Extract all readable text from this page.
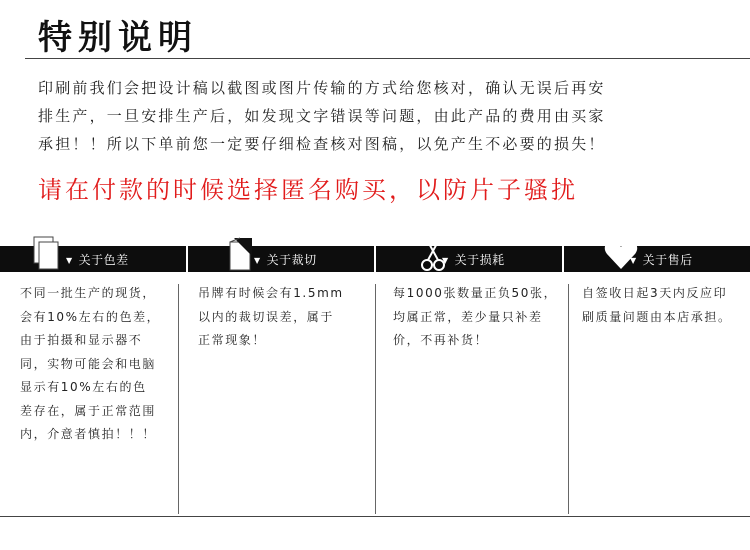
特别说明
印刷前我们会把设计稿以截图或图片传输的方式给您核对，确认无误后再安
排生产，一旦安排生产后，如发现文字错误等问题，由此产品的费用由买家
承担！！所以下单前您一定要仔细检查核对图稿，以免产生不必要的损失！
请在付款的时候选择匿名购买，以防片子骚扰
▼ 关于色差	▼ 关于裁切	▼ 关于损耗	▼ 关于售后
不同一批生产的现货，
会有10%左右的色差，
由于拍摄和显示器不
同，实物可能会和电脑
显示有10%左右的色
差存在，属于正常范围
内，介意者慎拍！！！
吊牌有时候会有1.5mm
以内的裁切误差，属于
正常现象！
每1000张数量正负50张，
均属正常，差少量只补差
价，不再补货！
自签收日起3天内反应印
刷质量问题由本店承担。
